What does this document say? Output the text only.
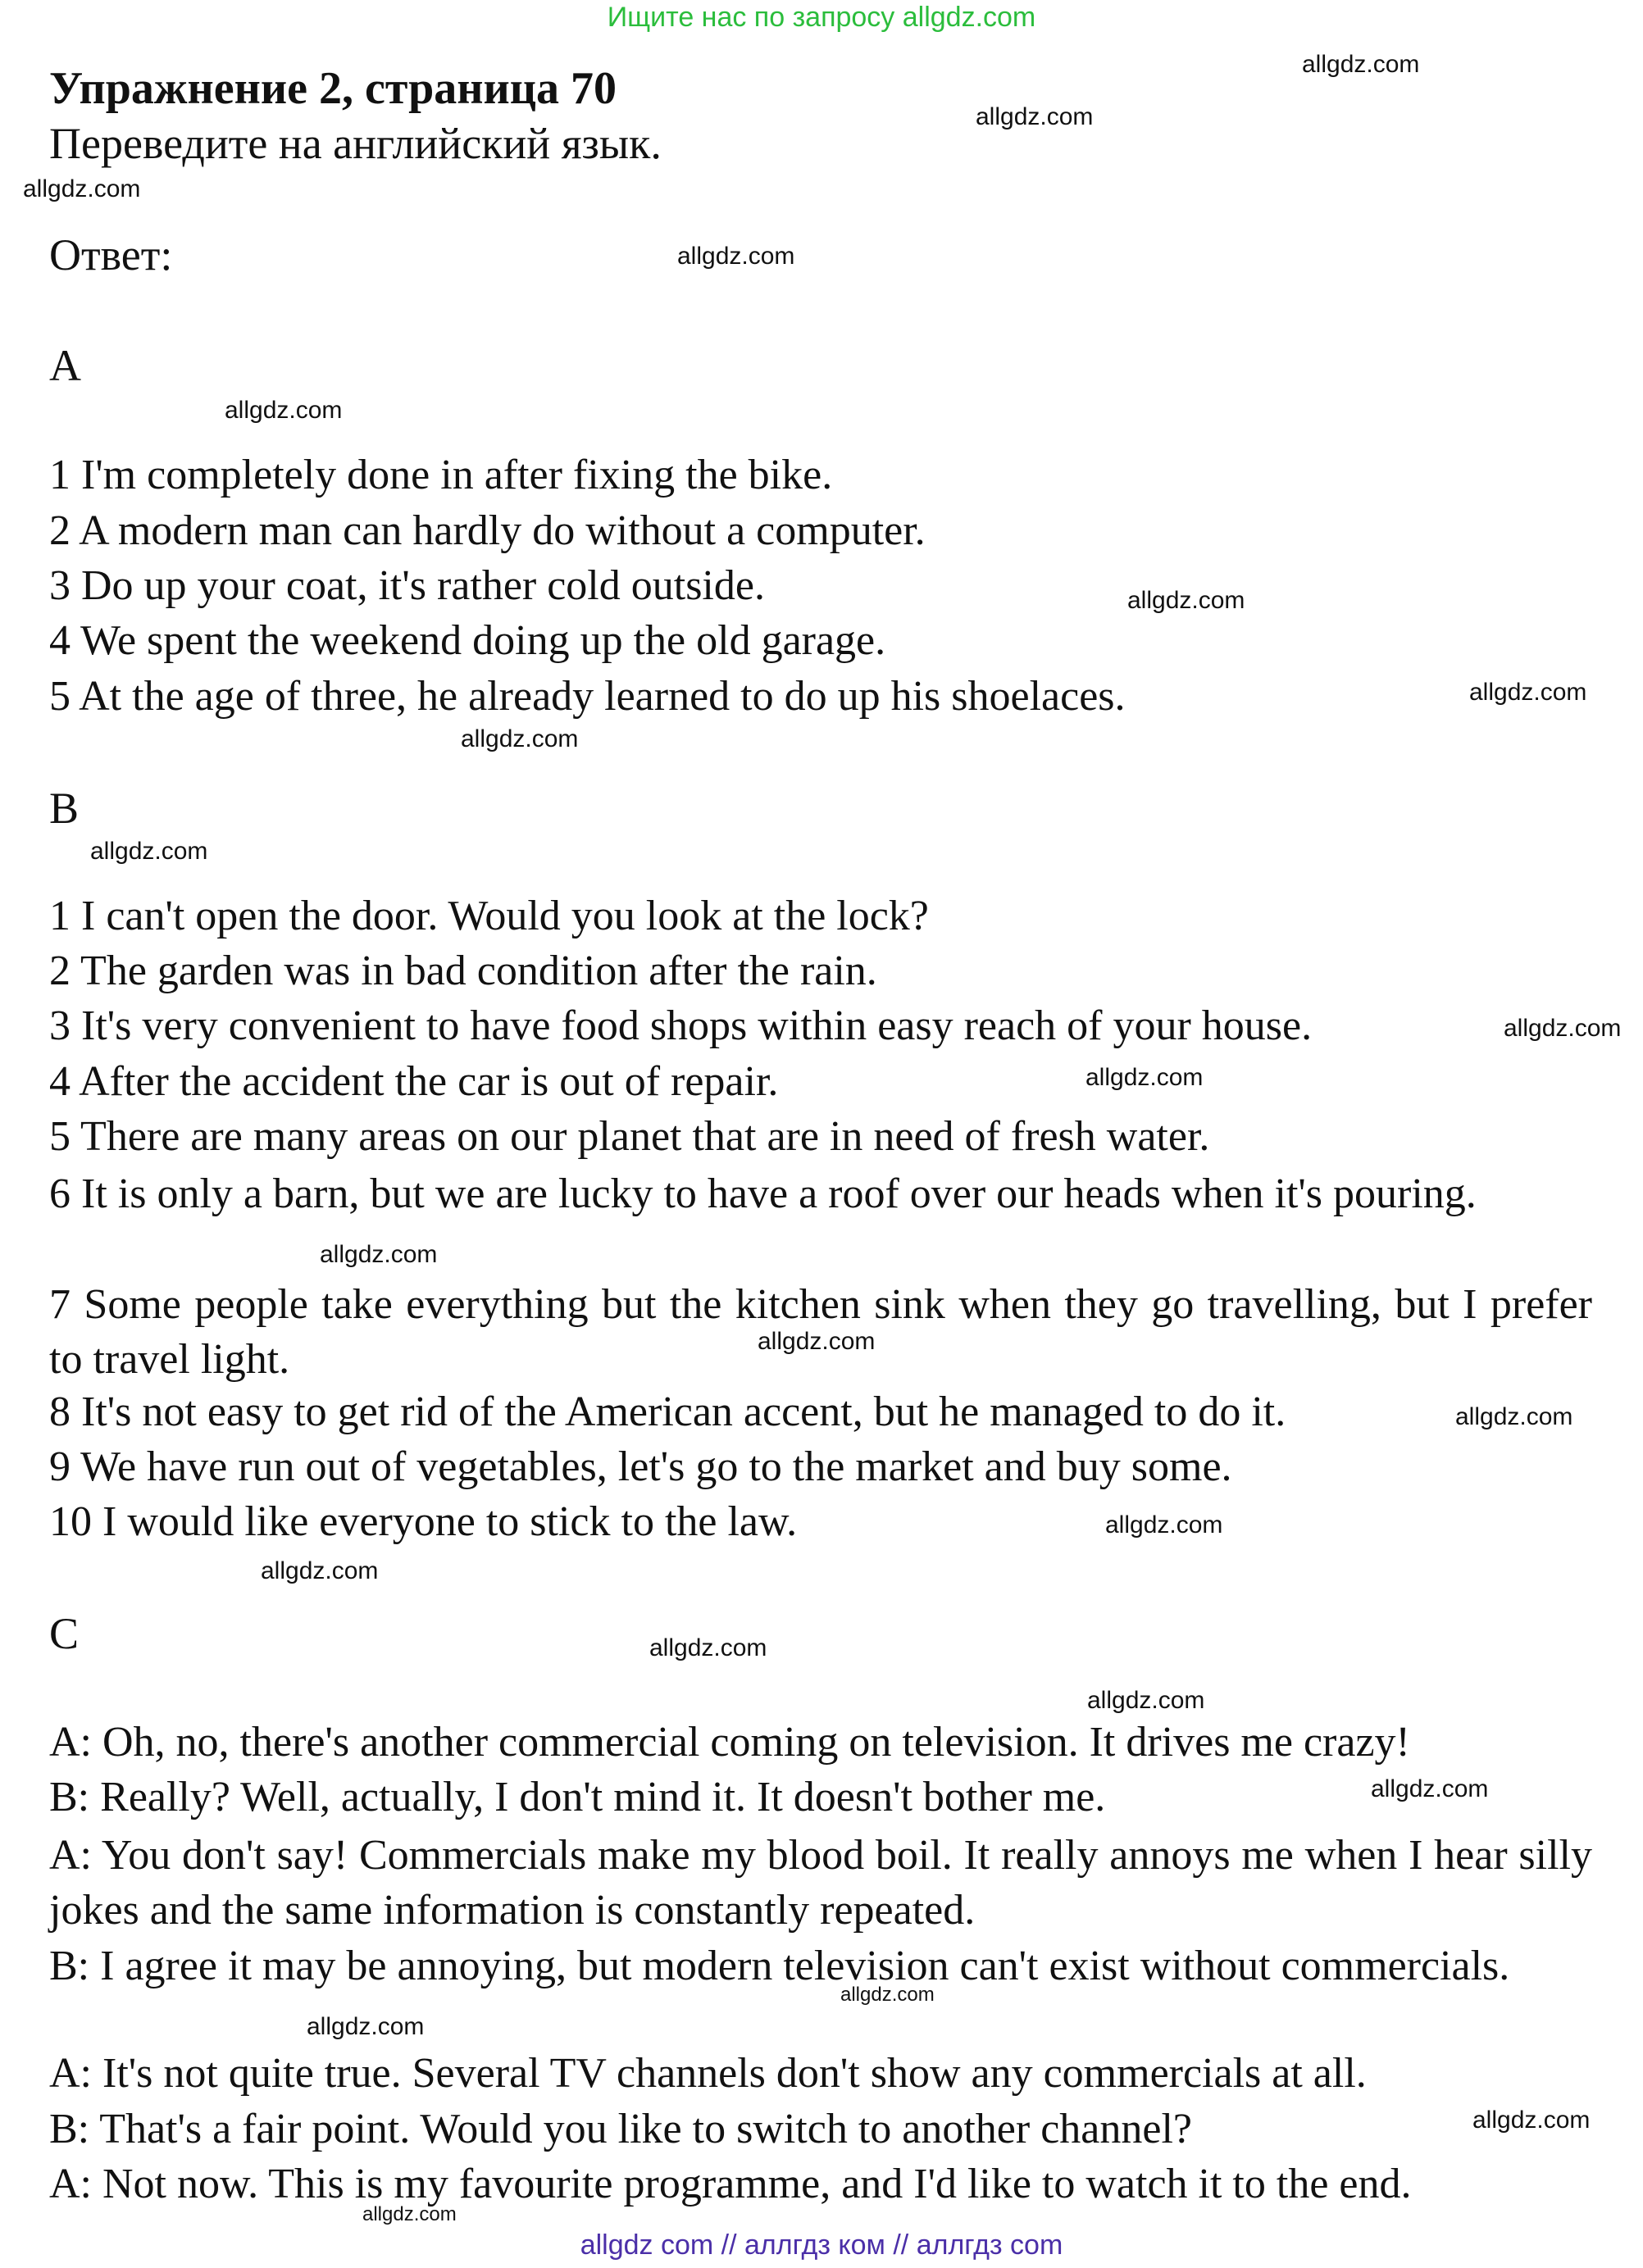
Ищите нас по запросу allgdz.com
Упражнение 2, страница 70
Переведите на английский язык.
Ответ:
A
1 I'm completely done in after fixing the bike.
2 A modern man can hardly do without a computer.
3 Do up your coat, it's rather cold outside.
4 We spent the weekend doing up the old garage.
5 At the age of three, he already learned to do up his shoelaces.
B
1 I can't open the door. Would you look at the lock?
2 The garden was in bad condition after the rain.
3 It's very convenient to have food shops within easy reach of your house.
4 After the accident the car is out of repair.
5 There are many areas on our planet that are in need of fresh water.
6 It is only a barn, but we are lucky to have a roof over our heads when it's pouring.
7 Some people take everything but the kitchen sink when they go travelling, but I prefer to travel light.
8 It's not easy to get rid of the American accent, but he managed to do it.
9 We have run out of vegetables, let's go to the market and buy some.
10 I would like everyone to stick to the law.
C
A: Oh, no, there's another commercial coming on television. It drives me crazy!
B: Really? Well, actually, I don't mind it. It doesn't bother me.
A: You don't say! Commercials make my blood boil. It really annoys me when I hear silly jokes and the same information is constantly repeated.
B: I agree it may be annoying, but modern television can't exist without commercials.
A: It's not quite true. Several TV channels don't show any commercials at all.
B: That's a fair point. Would you like to switch to another channel?
A: Not now. This is my favourite programme, and I'd like to watch it to the end.
allgdz.com
allgdz.com
allgdz.com
allgdz.com
allgdz.com
allgdz.com
allgdz.com
allgdz.com
allgdz.com
allgdz.com
allgdz.com
allgdz.com
allgdz.com
allgdz.com
allgdz.com
allgdz.com
allgdz.com
allgdz.com
allgdz.com
allgdz.com
allgdz.com
allgdz.com
allgdz.com
allgdz com // аллгдз ком // аллгдз com
